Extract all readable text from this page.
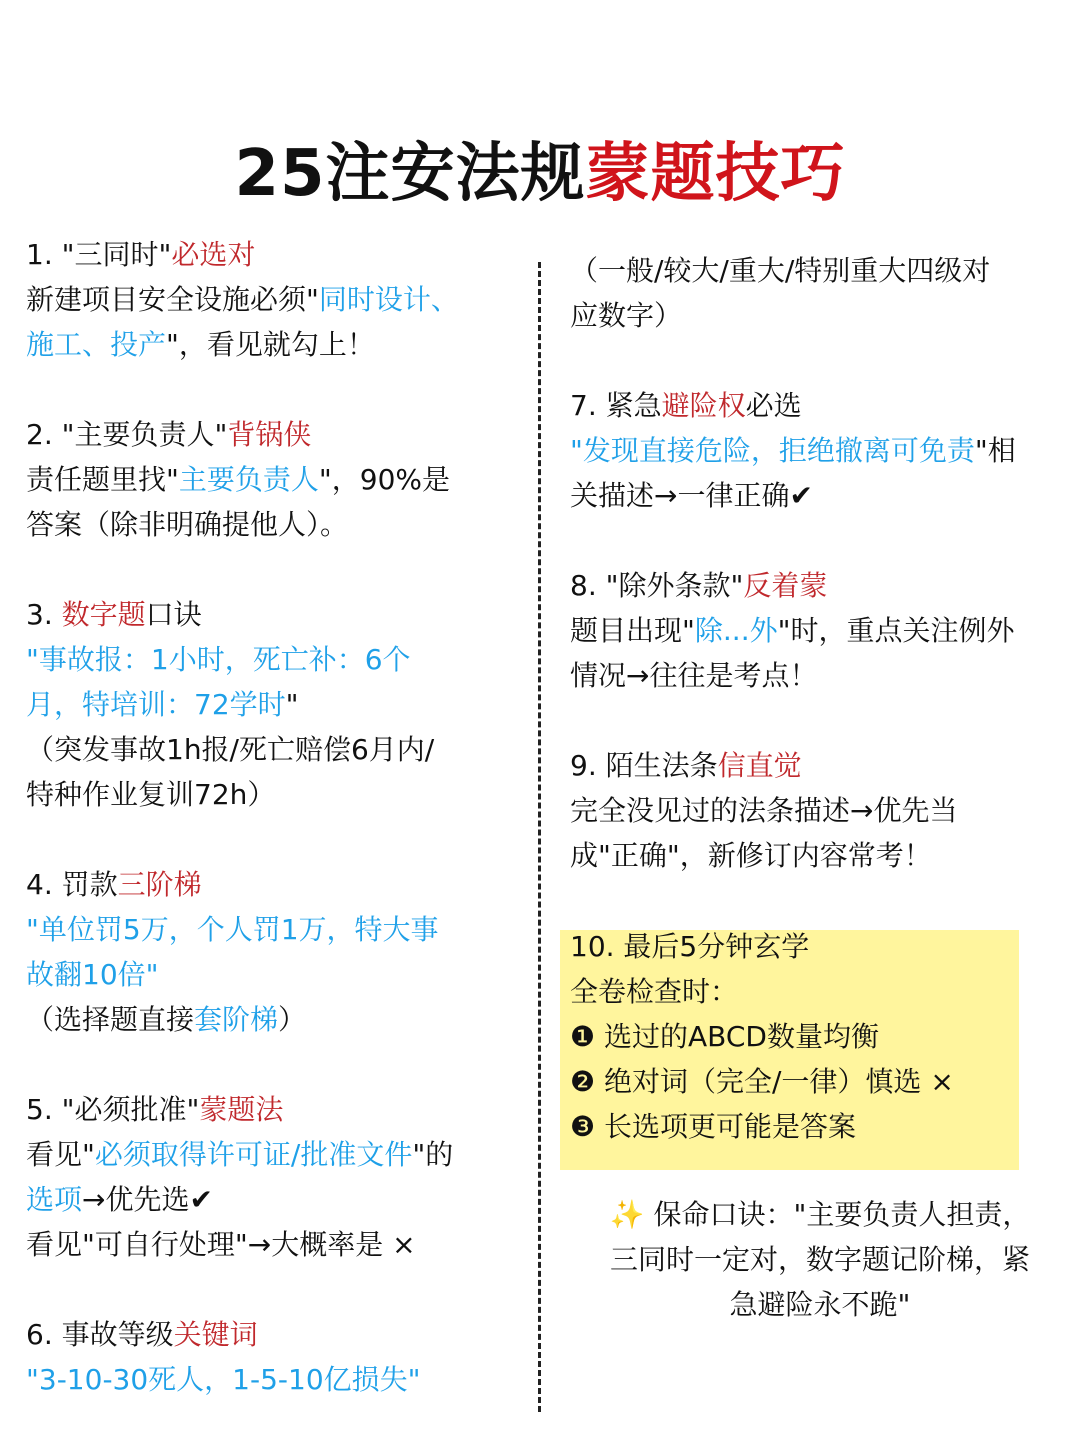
25注安法规蒙题技巧
1. "三同时"必选对
新建项目安全设施必须"同时设计、
施工、投产"，看见就勾上！

2. "主要负责人"背锅侠
责任题里找"主要负责人"，90%是
答案（除非明确提他人）。

3. 数字题口诀
"事故报：1小时，死亡补：6个
月，特培训：72学时"
（突发事故1h报/死亡赔偿6月内/
特种作业复训72h）

4. 罚款三阶梯
"单位罚5万，个人罚1万，特大事
故翻10倍"
（选择题直接套阶梯）

5. "必须批准"蒙题法
看见"必须取得许可证/批准文件"的
选项→优先选✔
看见"可自行处理"→大概率是 ×

6. 事故等级关键词
"3-10-30死人，1-5-10亿损失"
（一般/较大/重大/特别重大四级对
应数字）

7. 紧急避险权必选
"发现直接危险，拒绝撤离可免责"相
关描述→一律正确✔

8. "除外条款"反着蒙
题目出现"除...外"时，重点关注例外
情况→往往是考点！

9. 陌生法条信直觉
完全没见过的法条描述→优先当
成"正确"，新修订内容常考！
10. 最后5分钟玄学
全卷检查时：
❶ 选过的ABCD数量均衡
❷ 绝对词（完全/一律）慎选 ×
❸ 长选项更可能是答案
✨ 保命口诀："主要负责人担责，
三同时一定对，数字题记阶梯，紧
急避险永不跪"
